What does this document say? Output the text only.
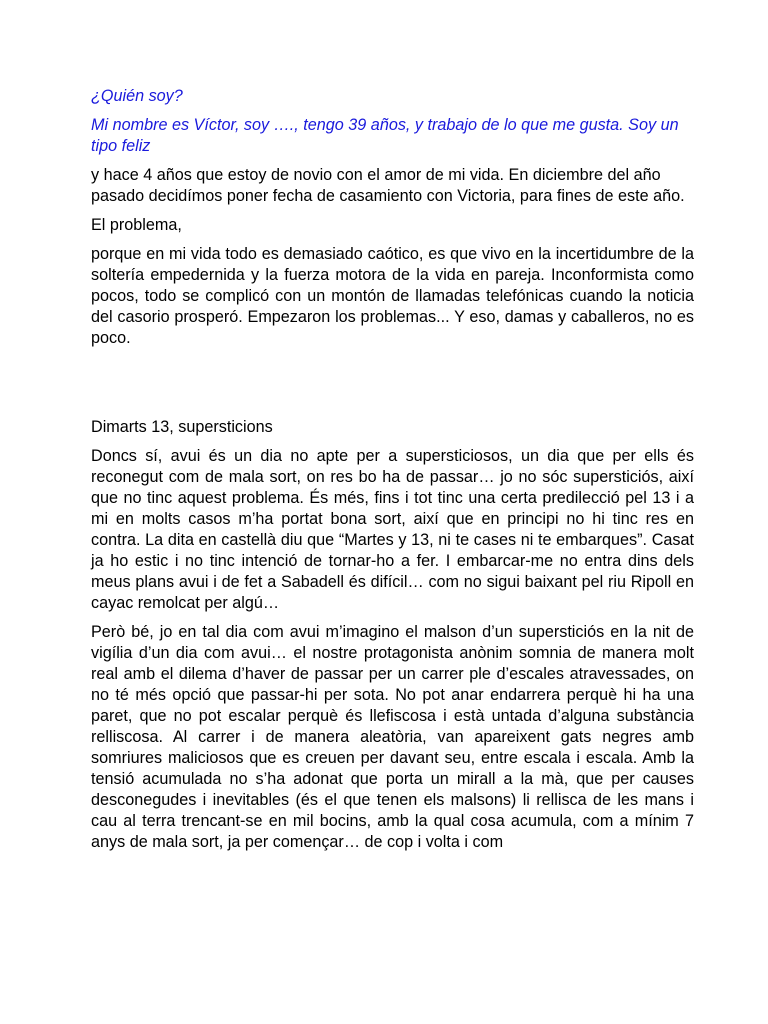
¿Quién soy?

Mi nombre es Víctor, soy …., tengo 39 años, y trabajo de lo que me gusta. Soy un tipo feliz

y hace 4 años que estoy de novio con el amor de mi vida. En diciembre del año pasado decidímos poner fecha de casamiento con Victoria, para fines de este año.

El problema,

porque en mi vida todo es demasiado caótico, es que vivo en la incertidumbre de la soltería empedernida y la fuerza motora de la vida en pareja. Inconformista como pocos, todo se complicó con un montón de llamadas telefónicas cuando la noticia del casorio prosperó. Empezaron los problemas... Y eso, damas y caballeros, no es poco.

Dimarts 13, supersticions

Doncs sí, avui és un dia no apte per a supersticiosos, un dia que per ells és reconegut com de mala sort, on res bo ha de passar… jo no sóc supersticiós, així que no tinc aquest problema. És més, fins i tot tinc una certa predilecció pel 13 i a mi en molts casos m’ha portat bona sort, així que en principi no hi tinc res en contra. La dita en castellà diu que “Martes y 13, ni te cases ni te embarques”. Casat ja ho estic i no tinc intenció de tornar-ho a fer. I embarcar-me no entra dins dels meus plans avui i de fet a Sabadell és difícil… com no sigui baixant pel riu Ripoll en cayac remolcat per algú…

Però bé, jo en tal dia com avui m’imagino el malson d’un supersticiós en la nit de vigília d’un dia com avui… el nostre protagonista anònim somnia de manera molt real amb el dilema d’haver de passar per un carrer ple d’escales atravessades, on no té més opció que passar-hi per sota. No pot anar endarrera perquè hi ha una paret, que no pot escalar perquè és llefiscosa i està untada d’alguna substància relliscosa. Al carrer i de manera aleatòria, van apareixent gats negres amb somriures maliciosos que es creuen per davant seu, entre escala i escala. Amb la tensió acumulada no s’ha adonat que porta un mirall a la mà, que per causes desconegudes i inevitables (és el que tenen els malsons) li rellisca de les mans i cau al terra trencant-se en mil bocins, amb la qual cosa acumula, com a mínim 7 anys de mala sort, ja per començar… de cop i volta i com
